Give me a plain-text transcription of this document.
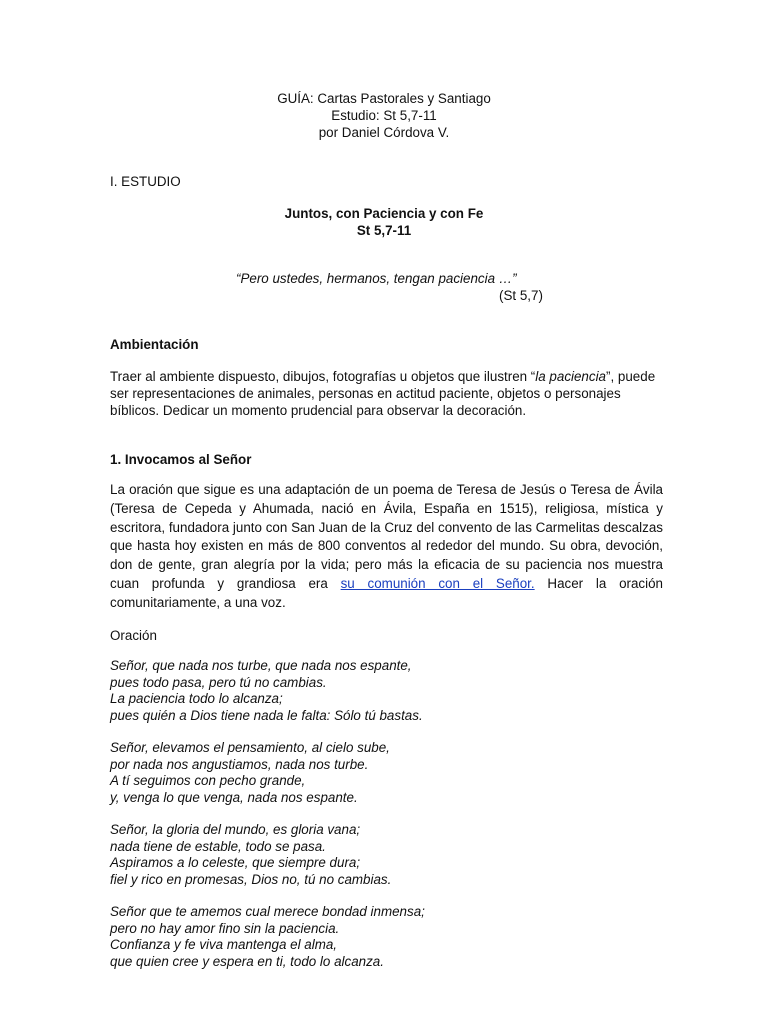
GUÍA: Cartas Pastorales y Santiago
Estudio: St 5,7-11
por Daniel Córdova V.
I. ESTUDIO
Juntos, con Paciencia y con Fe
St 5,7-11
“Pero ustedes, hermanos, tengan paciencia …”
(St 5,7)
Ambientación
Traer al ambiente dispuesto, dibujos, fotografías u objetos que ilustren “la paciencia”, puede ser representaciones de animales, personas en actitud paciente, objetos o personajes bíblicos. Dedicar un momento prudencial para observar la decoración.
1. Invocamos al Señor
La oración que sigue es una adaptación de un poema de Teresa de Jesús o Teresa de Ávila (Teresa de Cepeda y Ahumada, nació en Ávila, España en 1515), religiosa, mística y escritora, fundadora junto con San Juan de la Cruz del convento de las Carmelitas descalzas que hasta hoy existen en más de 800 conventos al rededor del mundo. Su obra, devoción, don de gente, gran alegría por la vida; pero más la eficacia de su paciencia nos muestra cuan profunda y grandiosa era su comunión con el Señor. Hacer la oración comunitariamente, a una voz.
Oración
Señor, que nada nos turbe, que nada nos espante,
pues todo pasa, pero tú no cambias.
La paciencia todo lo alcanza;
pues quién a Dios tiene nada le falta: Sólo tú bastas.
Señor, elevamos el pensamiento, al cielo sube,
por nada nos angustiamos, nada nos turbe.
A tí seguimos con pecho grande,
y, venga lo que venga, nada nos espante.
Señor, la gloria del mundo, es gloria vana;
nada tiene de estable, todo se pasa.
Aspiramos a lo celeste, que siempre dura;
fiel y rico en promesas, Dios no, tú no cambias.
Señor que te amemos cual merece bondad inmensa;
pero no hay amor fino sin la paciencia.
Confianza y fe viva mantenga el alma,
que quien cree y espera en ti, todo lo alcanza.
